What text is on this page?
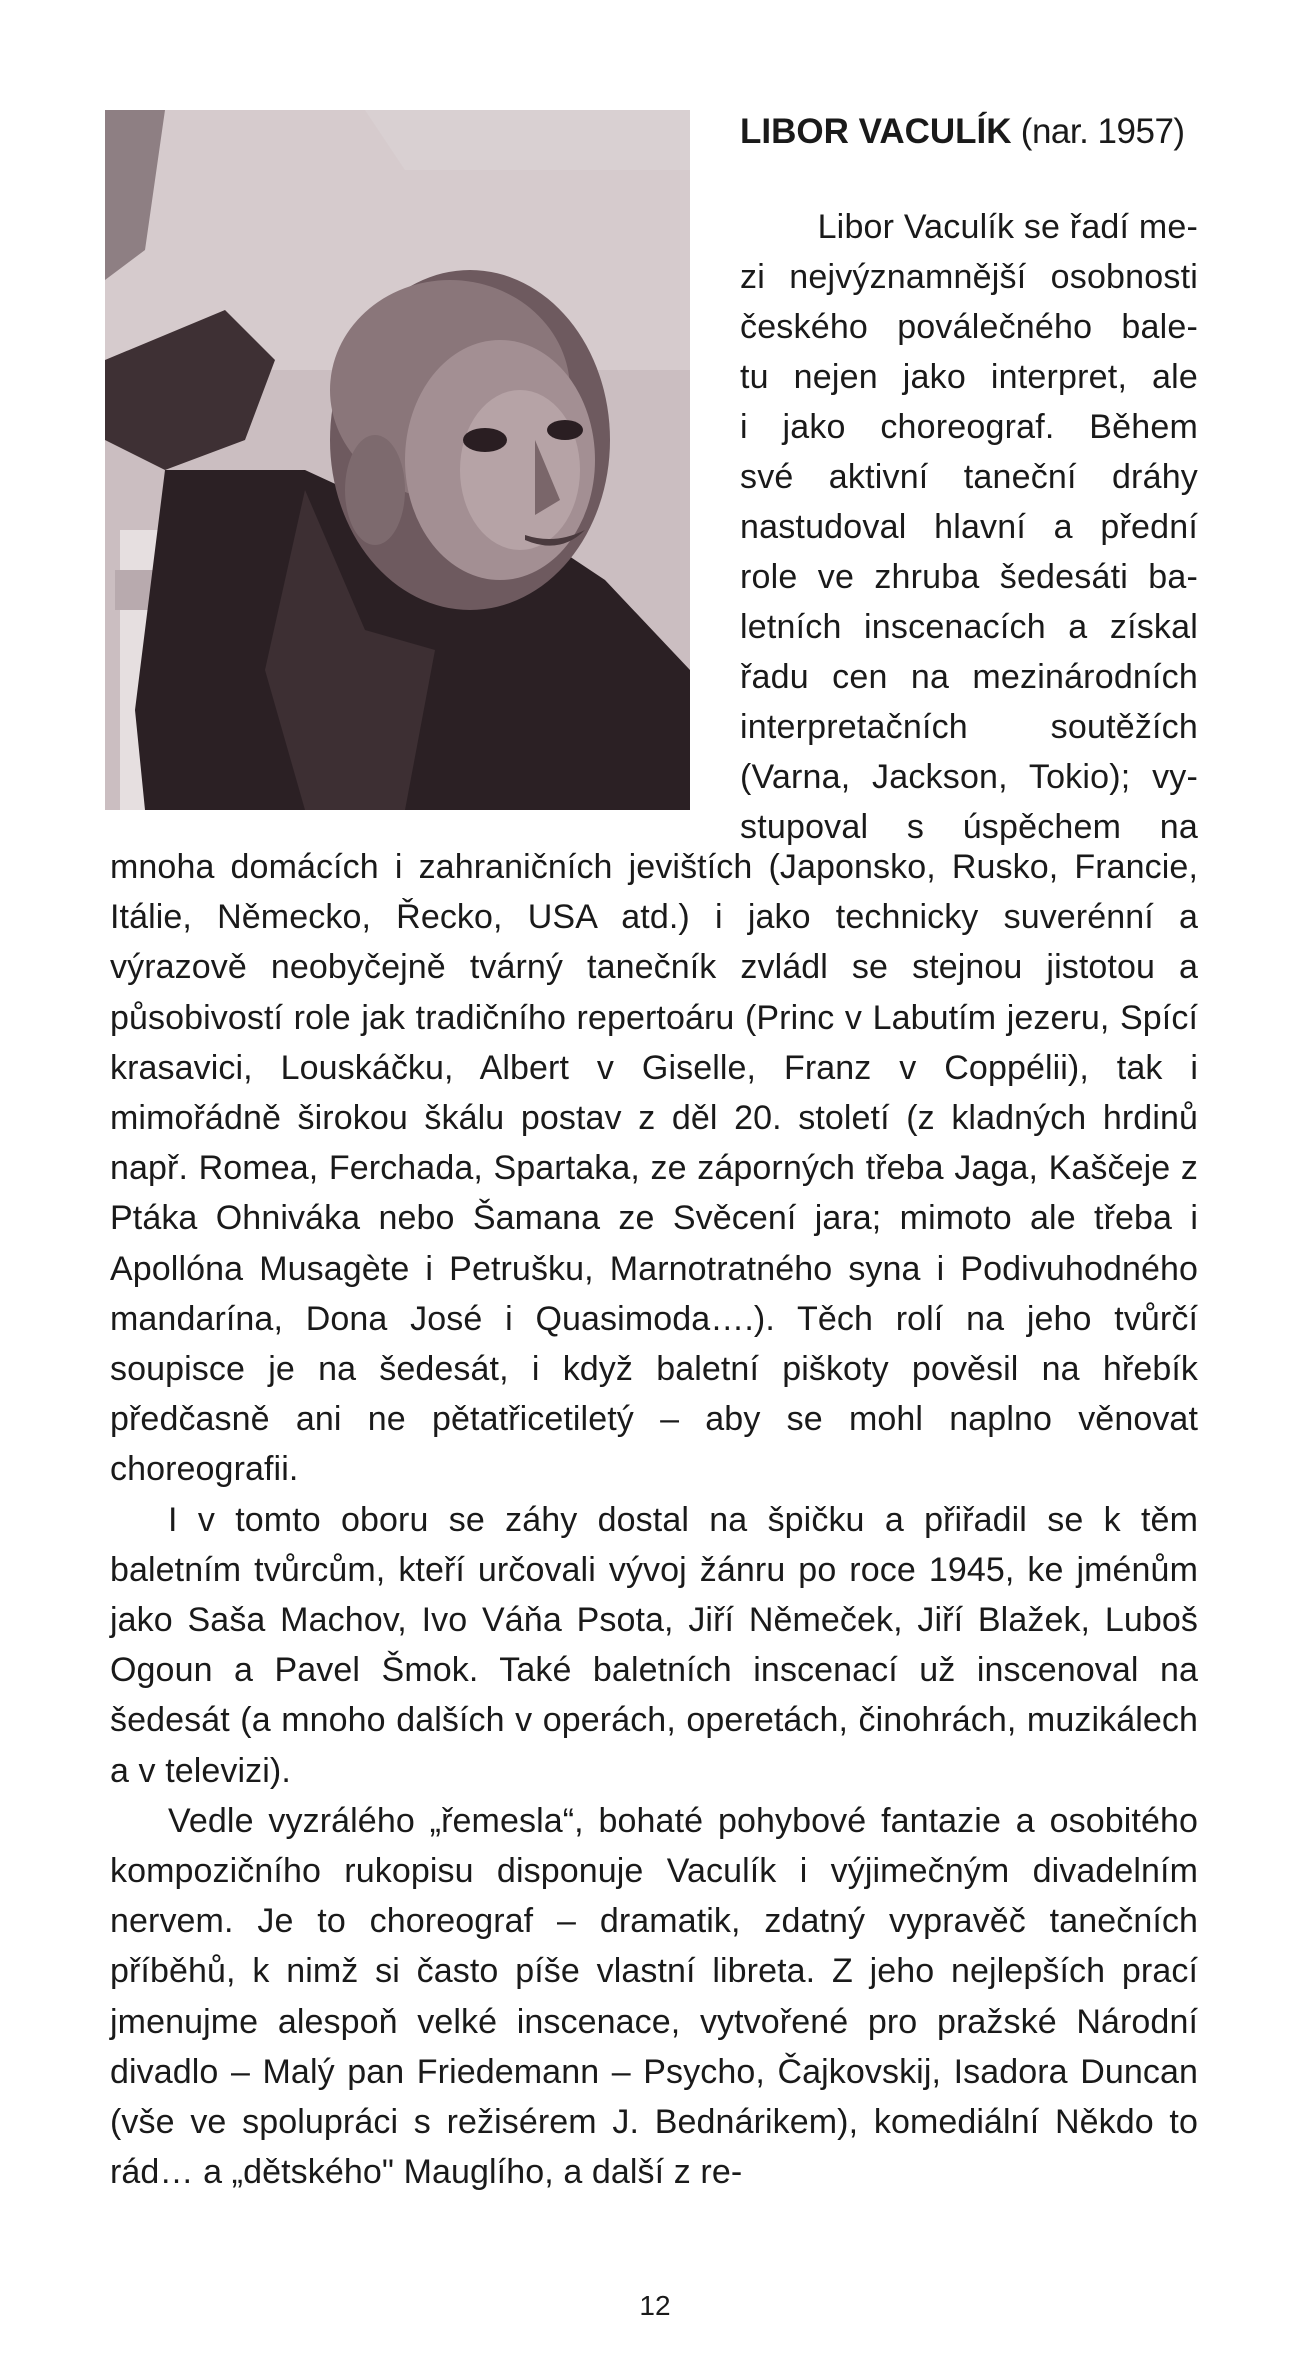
LIBOR VACULÍK (nar. 1957)
Libor Vaculík se řadí me-
zi nejvýznamnější osobnosti
českého poválečného bale-
tu nejen jako interpret, ale
i jako choreograf. Během
své aktivní taneční dráhy
nastudoval hlavní a přední
role ve zhruba šedesáti ba-
letních inscenacích a získal
řadu cen na mezinárodních
interpretačních soutěžích
(Varna, Jackson, Tokio); vy-
stupoval s úspěchem na

mnoha domácích i zahraničních jevištích (Japonsko, Rusko, Francie, Itálie, Německo, Řecko, USA atd.) i jako technicky suverénní a výrazově neobyčejně tvárný tanečník zvládl se stejnou jistotou a působivostí role jak tradičního repertoáru (Princ v Labutím jezeru, Spící krasavici, Louskáčku, Albert v Giselle, Franz v Coppélii), tak i mimořádně širokou škálu postav z děl 20. století (z kladných hrdinů např. Romea, Ferchada, Spartaka, ze záporných třeba Jaga, Kaščeje z Ptáka Ohniváka nebo Šamana ze Svěcení jara; mimoto ale třeba i Apollóna Musagète i Petrušku, Marnotratného syna i Podivuhodného mandarína, Dona José i Quasimoda….). Těch rolí na jeho tvůrčí soupisce je na šedesát, i když baletní piškoty pověsil na hřebík předčasně ani ne pětatřicetiletý – aby se mohl naplno věnovat choreografii.

I v tomto oboru se záhy dostal na špičku a přiřadil se k těm baletním tvůrcům, kteří určovali vývoj žánru po roce 1945, ke jménům jako Saša Machov, Ivo Váňa Psota, Jiří Němeček, Jiří Blažek, Luboš Ogoun a Pavel Šmok. Také baletních inscenací už inscenoval na šedesát (a mnoho dalších v operách, operetách, činohrách, muzikálech a v televizi).

Vedle vyzrálého „řemesla“, bohaté pohybové fantazie a osobitého kompozičního rukopisu disponuje Vaculík i výjimečným divadelním nervem. Je to choreograf – dramatik, zdatný vypravěč tanečních příběhů, k nimž si často píše vlastní libreta. Z jeho nejlepších prací jmenujme alespoň velké inscenace, vytvořené pro pražské Národní divadlo – Malý pan Friedemann – Psycho, Čajkovskij, Isadora Duncan (vše ve spolupráci s režisérem J. Bednárikem), komediální Někdo to rád… a „dětského" Mauglího, a další z re-

12
